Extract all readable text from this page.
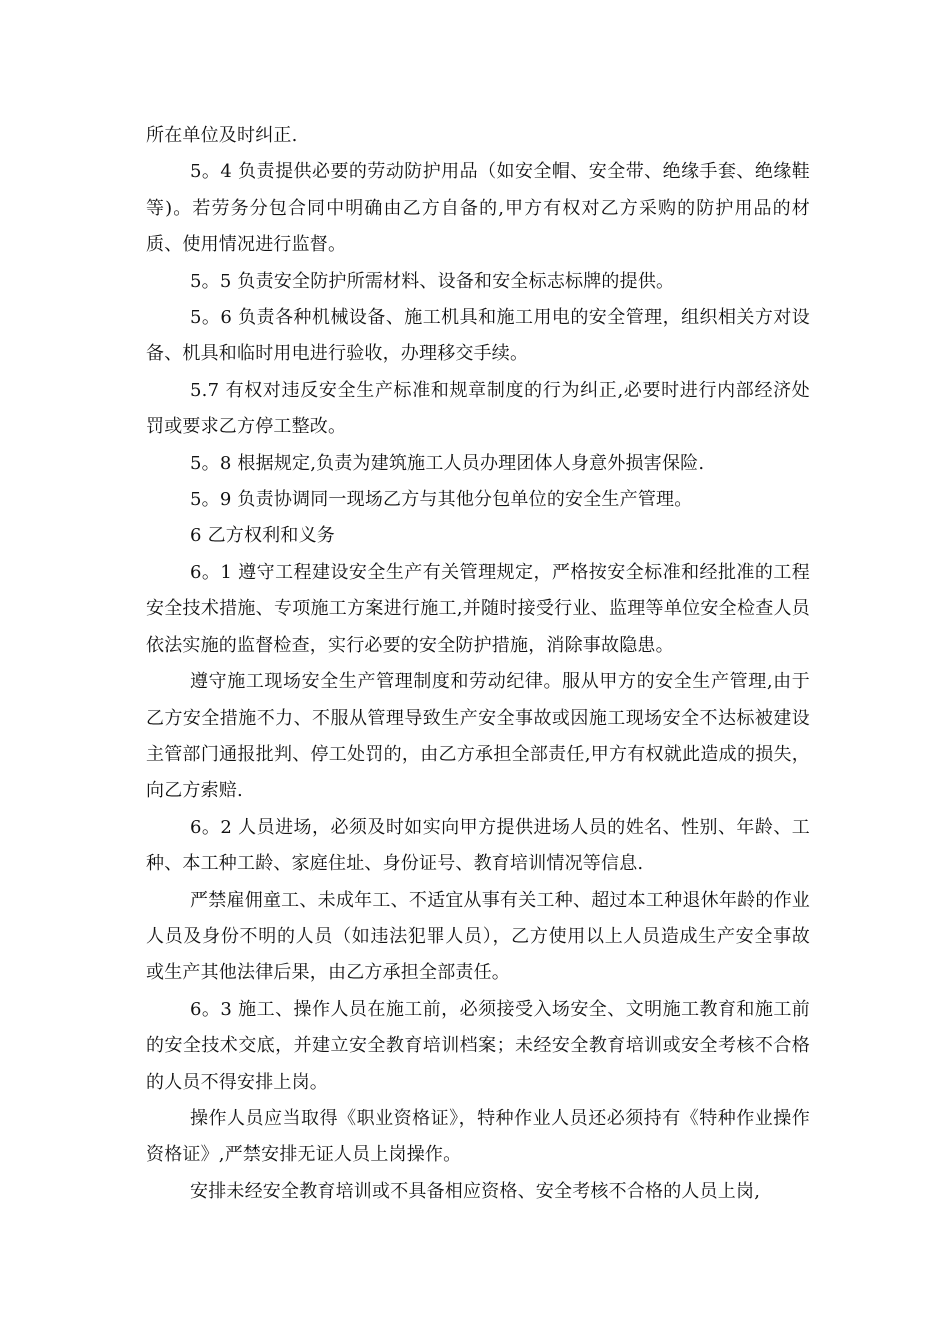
所在单位及时纠正.

5。4 负责提供必要的劳动防护用品（如安全帽、安全带、绝缘手套、绝缘鞋等)。若劳务分包合同中明确由乙方自备的,甲方有权对乙方采购的防护用品的材质、使用情况进行监督。

5。5 负责安全防护所需材料、设备和安全标志标牌的提供。

5。6 负责各种机械设备、施工机具和施工用电的安全管理，组织相关方对设备、机具和临时用电进行验收，办理移交手续。

5.7 有权对违反安全生产标准和规章制度的行为纠正,必要时进行内部经济处罚或要求乙方停工整改。

5。8 根据规定,负责为建筑施工人员办理团体人身意外损害保险.

5。9 负责协调同一现场乙方与其他分包单位的安全生产管理。

6 乙方权利和义务

6。1 遵守工程建设安全生产有关管理规定，严格按安全标准和经批准的工程安全技术措施、专项施工方案进行施工,并随时接受行业、监理等单位安全检查人员依法实施的监督检查，实行必要的安全防护措施，消除事故隐患。

遵守施工现场安全生产管理制度和劳动纪律。服从甲方的安全生产管理,由于乙方安全措施不力、不服从管理导致生产安全事故或因施工现场安全不达标被建设主管部门通报批判、停工处罚的，由乙方承担全部责任,甲方有权就此造成的损失，向乙方索赔.

6。2 人员进场，必须及时如实向甲方提供进场人员的姓名、性别、年龄、工种、本工种工龄、家庭住址、身份证号、教育培训情况等信息.

严禁雇佣童工、未成年工、不适宜从事有关工种、超过本工种退休年龄的作业人员及身份不明的人员（如违法犯罪人员），乙方使用以上人员造成生产安全事故或生产其他法律后果，由乙方承担全部责任。

6。3 施工、操作人员在施工前，必须接受入场安全、文明施工教育和施工前的安全技术交底，并建立安全教育培训档案；未经安全教育培训或安全考核不合格的人员不得安排上岗。

操作人员应当取得《职业资格证》，特种作业人员还必须持有《特种作业操作资格证》,严禁安排无证人员上岗操作。

安排未经安全教育培训或不具备相应资格、安全考核不合格的人员上岗,
